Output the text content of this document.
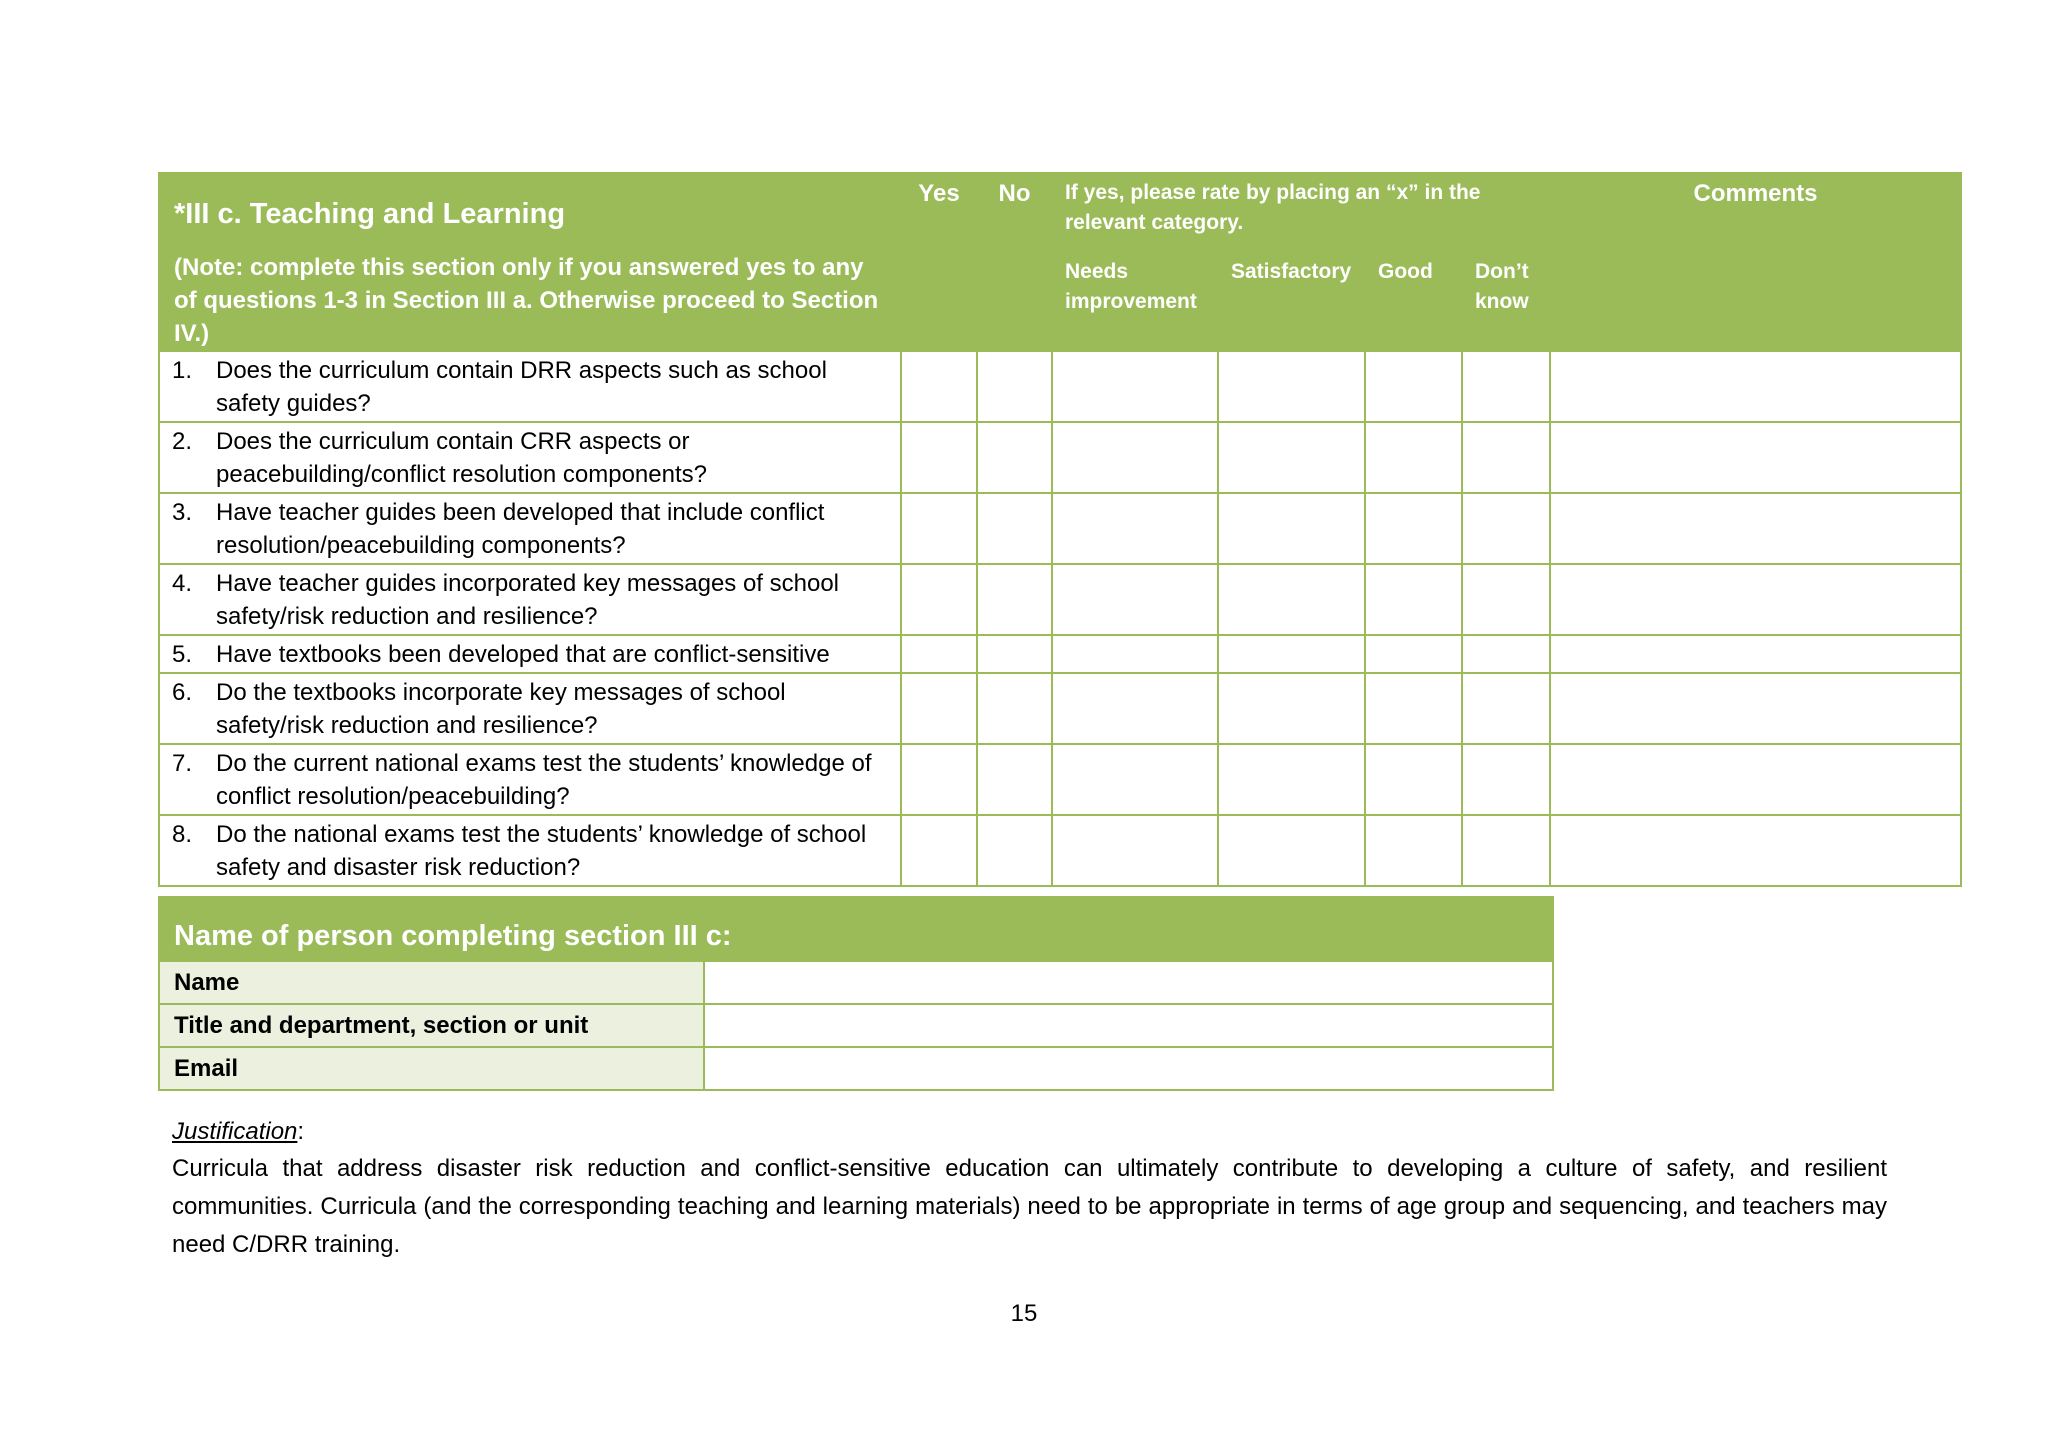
*III c. Teaching and Learning
(Note: complete this section only if you answered yes to any of questions 1-3 in Section III a. Otherwise proceed to Section IV.)	Yes	No	If yes, please rate by placing an “x” in the relevant category.				Comments
			Needs improvement	Satisfactory	Good	Don’t know	

1. Does the curriculum contain DRR aspects such as school safety guides?							

2. Does the curriculum contain CRR aspects or peacebuilding/conflict resolution components?							

3. Have teacher guides been developed that include conflict resolution/peacebuilding components?							

4. Have teacher guides incorporated key messages of school safety/risk reduction and resilience?							

5. Have textbooks been developed that are conflict-sensitive							

6. Do the textbooks incorporate key messages of school safety/risk reduction and resilience?							

7. Do the current national exams test the students’ knowledge of conflict resolution/peacebuilding?							

8. Do the national exams test the students’ knowledge of school safety and disaster risk reduction?							

Name of person completing section III c:	
Name	
Title and department, section or unit	
Email	
Justification:
Curricula that address disaster risk reduction and conflict-sensitive education can ultimately contribute to developing a culture of safety, and resilient communities. Curricula (and the corresponding teaching and learning materials) need to be appropriate in terms of age group and sequencing, and teachers may need C/DRR training.
15
